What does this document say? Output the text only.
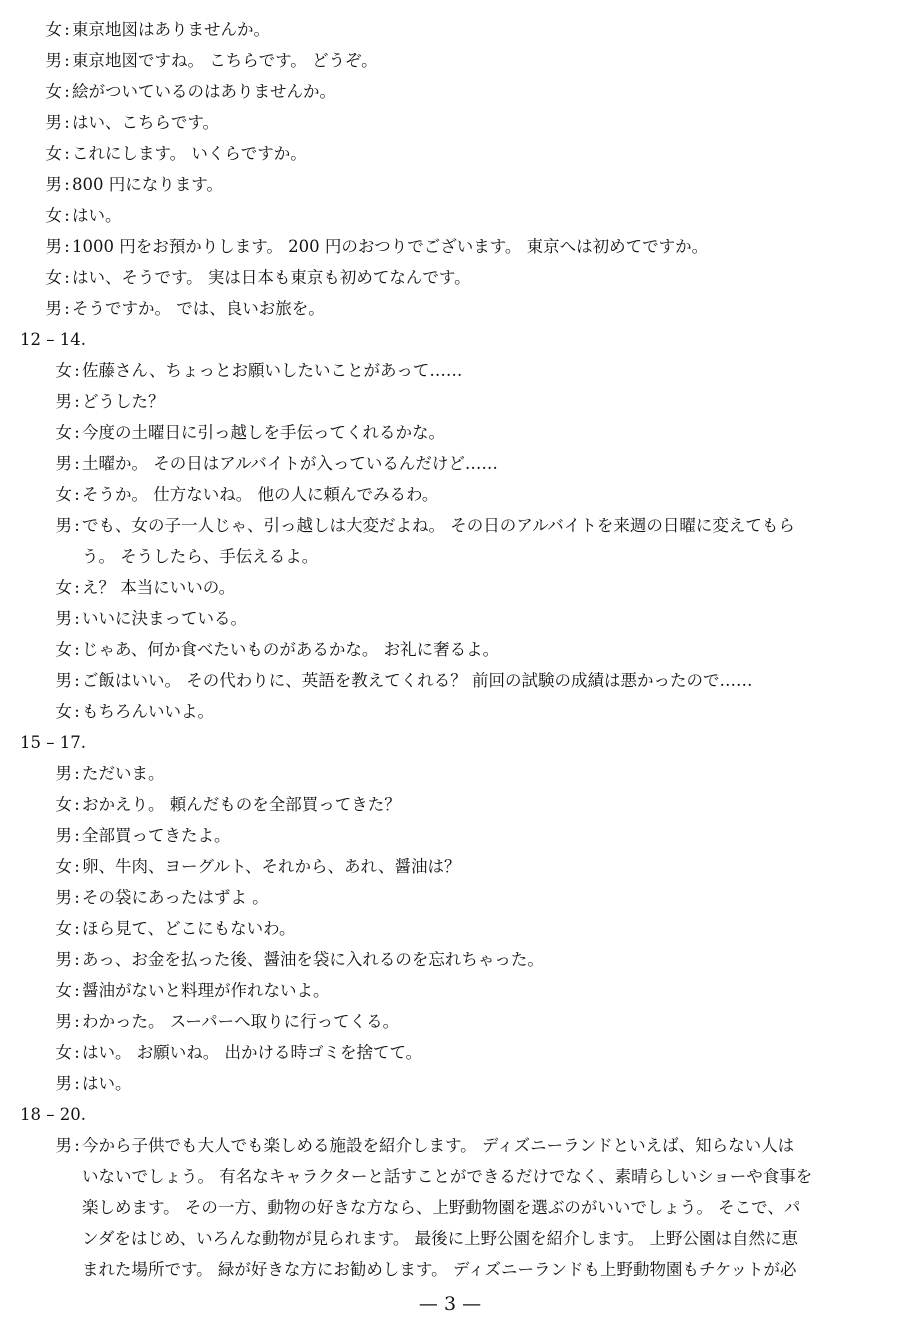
女 : 東京地図はありませんか。
男 : 東京地図ですね。 こちらです。 どうぞ。
女 : 絵がついているのはありませんか。
男 : はい、こちらです。
女 : これにします。 いくらですか。
男 : 800 円になります。
女 : はい。
男 : 1000 円をお預かりします。 200 円のおつりでございます。 東京へは初めてですか。
女 : はい、そうです。 実は日本も東京も初めてなんです。
男 : そうですか。 では、良いお旅を。
12 – 14.
女 : 佐藤さん、ちょっとお願いしたいことがあって……
男 : どうした？
女 : 今度の土曜日に引っ越しを手伝ってくれるかな。
男 : 土曜か。 その日はアルバイトが入っているんだけど……
女 : そうか。 仕方ないね。 他の人に頼んでみるわ。
男 : でも、女の子一人じゃ、引っ越しは大変だよね。 その日のアルバイトを来週の日曜に変えてもら
う。 そうしたら、手伝えるよ。
女 : え？ 本当にいいの。
男 : いいに決まっている。
女 : じゃあ、何か食べたいものがあるかな。 お礼に奢るよ。
男 : ご飯はいい。 その代わりに、英語を教えてくれる？ 前回の試験の成績は悪かったので……
女 : もちろんいいよ。
15 – 17.
男 : ただいま。
女 : おかえり。 頼んだものを全部買ってきた？
男 : 全部買ってきたよ。
女 : 卵、牛肉、ヨーグルト、それから、あれ、醤油は？
男 : その袋にあったはずよ 。
女 : ほら見て、どこにもないわ。
男 : あっ、お金を払った後、醤油を袋に入れるのを忘れちゃった。
女 : 醤油がないと料理が作れないよ。
男 : わかった。 スーパーへ取りに行ってくる。
女 : はい。 お願いね。 出かける時ゴミを捨てて。
男 : はい。
18 – 20.
男 : 今から子供でも大人でも楽しめる施設を紹介します。 ディズニーランドといえば、知らない人は
いないでしょう。 有名なキャラクターと話すことができるだけでなく、素晴らしいショーや食事を
楽しめます。 その一方、動物の好きな方なら、上野動物園を選ぶのがいいでしょう。 そこで、パ
ンダをはじめ、いろんな動物が見られます。 最後に上野公園を紹介します。 上野公園は自然に恵
まれた場所です。 緑が好きな方にお勧めします。 ディズニーランドも上野動物園もチケットが必
— 3 —
